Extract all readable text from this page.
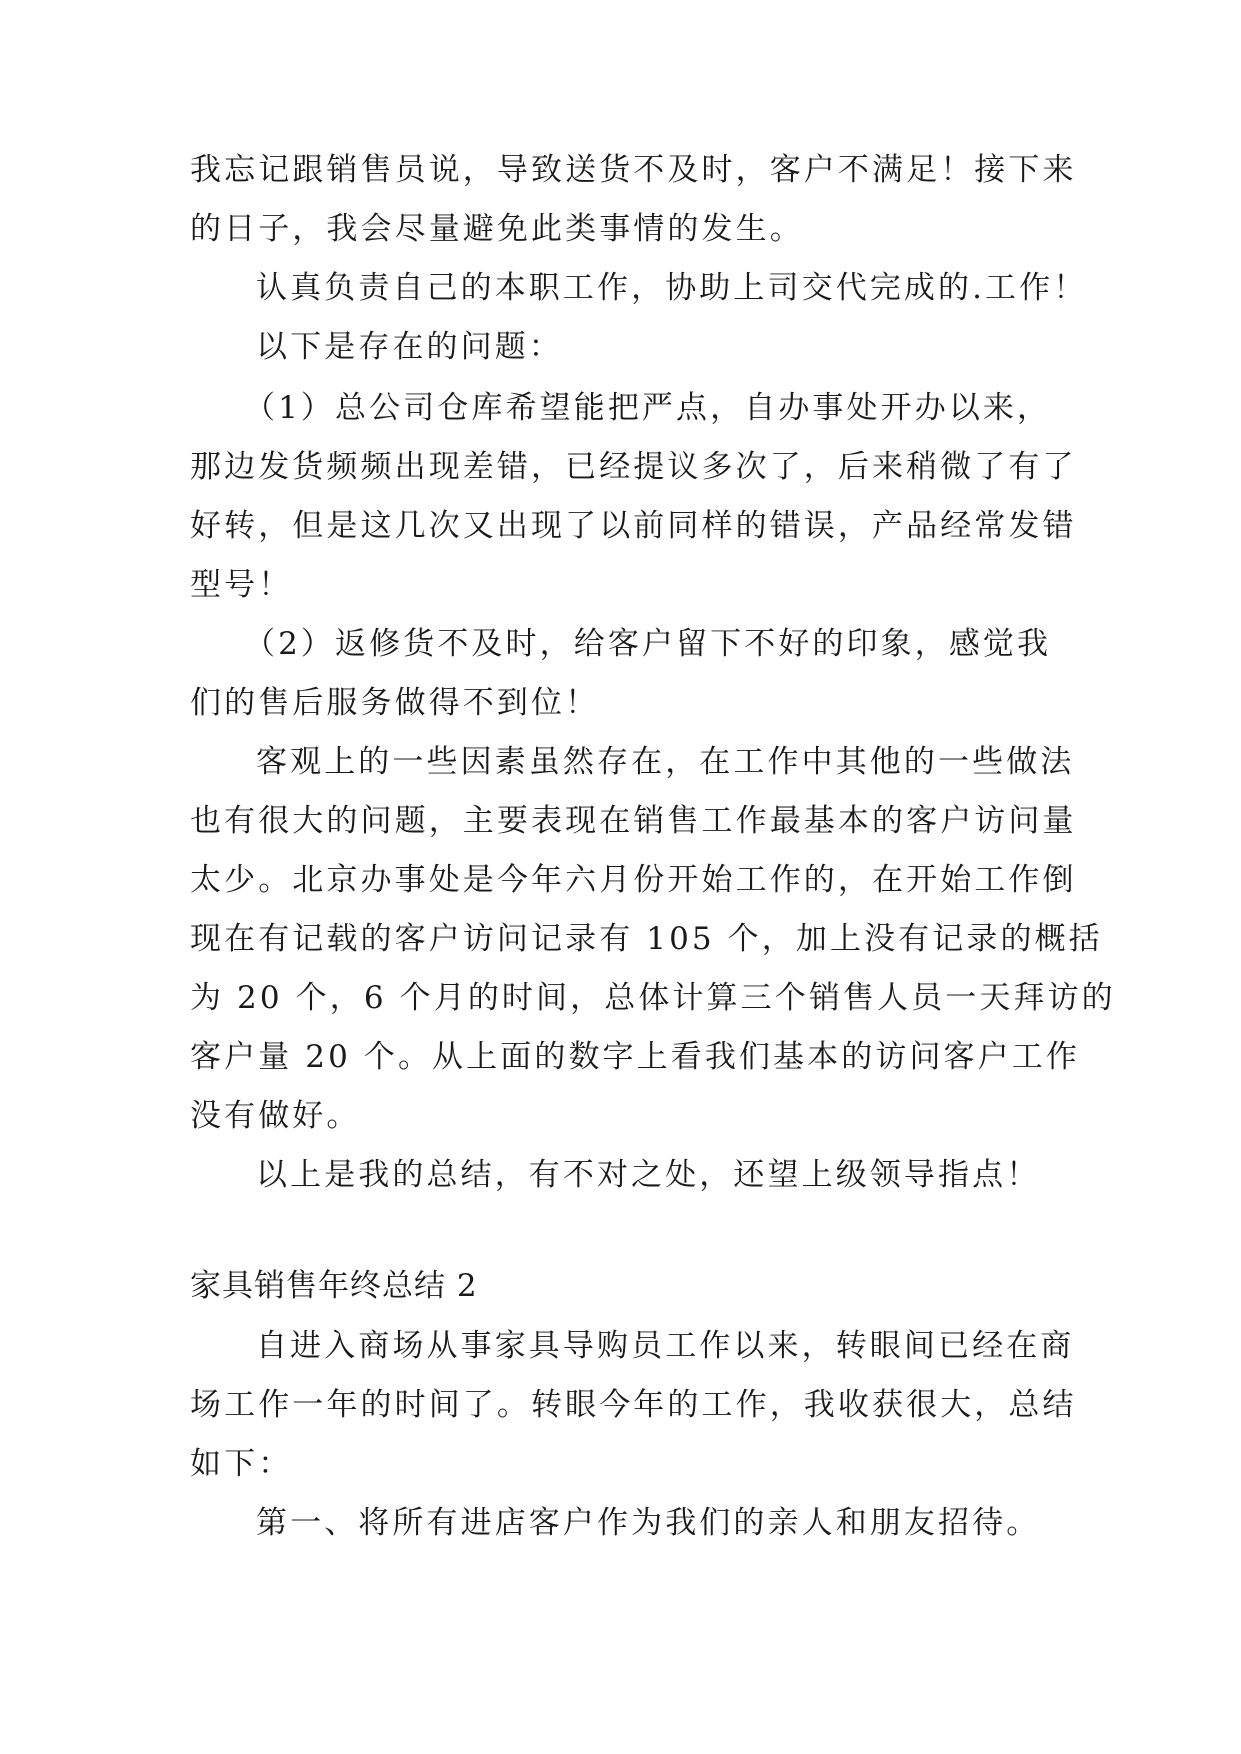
我忘记跟销售员说，导致送货不及时，客户不满足！接下来
的日子，我会尽量避免此类事情的发生。
认真负责自己的本职工作，协助上司交代完成的.工作！
以下是存在的问题：
（1）总公司仓库希望能把严点，自办事处开办以来，
那边发货频频出现差错，已经提议多次了，后来稍微了有了
好转，但是这几次又出现了以前同样的错误，产品经常发错
型号！
（2）返修货不及时，给客户留下不好的印象，感觉我
们的售后服务做得不到位！
客观上的一些因素虽然存在，在工作中其他的一些做法
也有很大的问题，主要表现在销售工作最基本的客户访问量
太少。北京办事处是今年六月份开始工作的，在开始工作倒
现在有记载的客户访问记录有 105 个，加上没有记录的概括
为 20 个，6 个月的时间，总体计算三个销售人员一天拜访的
客户量 20 个。从上面的数字上看我们基本的访问客户工作
没有做好。
以上是我的总结，有不对之处，还望上级领导指点！
家具销售年终总结 2
自进入商场从事家具导购员工作以来，转眼间已经在商
场工作一年的时间了。转眼今年的工作，我收获很大，总结
如下：
第一、将所有进店客户作为我们的亲人和朋友招待。
